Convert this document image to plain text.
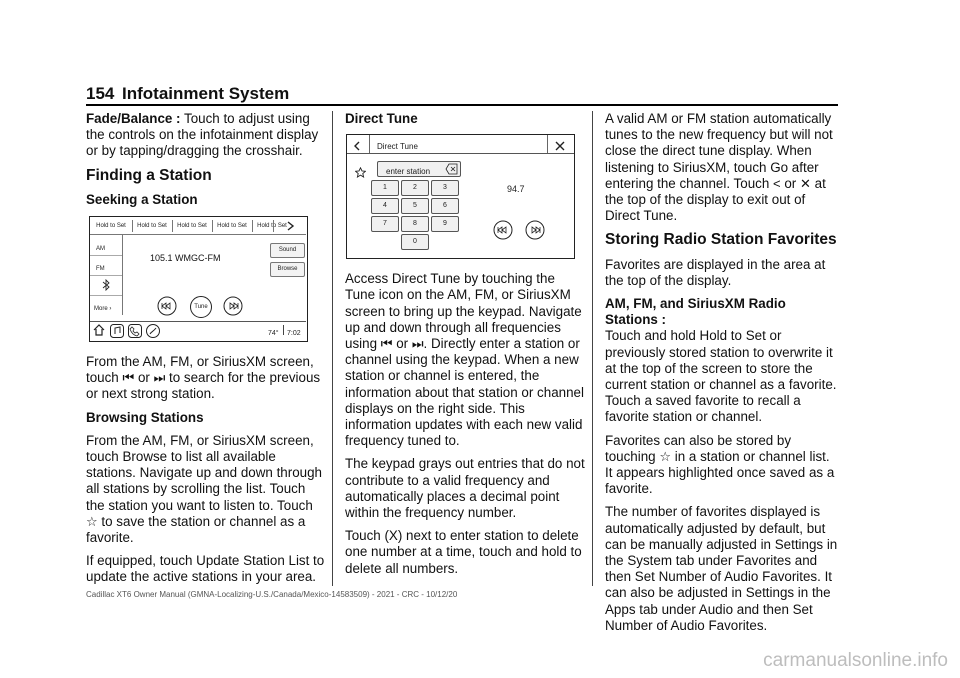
154 Infotainment System

Fade/Balance : Touch to adjust using the controls on the infotainment display or by tapping/dragging the crosshair.

Finding a Station
Seeking a Station
Hold to Set	Hold to Set	Hold to Set	Hold to Set	Hold to Set
AM
FM
More ›
105.1 WMGC-FM
Sound
Browse
Tune
74° 7:02

From the AM, FM, or SiriusXM screen, touch ⏮ or ⏭ to search for the previous or next strong station.

Browsing Stations

From the AM, FM, or SiriusXM screen, touch Browse to list all available stations. Navigate up and down through all stations by scrolling the list. Touch the station you want to listen to. Touch ☆ to save the station or channel as a favorite.

If equipped, touch Update Station List to update the active stations in your area.

Direct Tune

Direct Tune
enter station
1	2	3
4	5	6
7	8	9
0
94.7

Access Direct Tune by touching the Tune icon on the AM, FM, or SiriusXM screen to bring up the keypad. Navigate up and down through all frequencies using ⏮ or ⏭. Directly enter a station or channel using the keypad. When a new station or channel is entered, the information about that station or channel displays on the right side. This information updates with each new valid frequency tuned to.

The keypad grays out entries that do not contribute to a valid frequency and automatically places a decimal point within the frequency number.

Touch (X) next to enter station to delete one number at a time, touch and hold to delete all numbers.

A valid AM or FM station automatically tunes to the new frequency but will not close the direct tune display. When listening to SiriusXM, touch Go after entering the channel. Touch < or ✕ at the top of the display to exit out of Direct Tune.

Storing Radio Station Favorites

Favorites are displayed in the area at the top of the display.

AM, FM, and SiriusXM Radio Stations :

Touch and hold Hold to Set or previously stored station to overwrite it at the top of the screen to store the current station or channel as a favorite. Touch a saved favorite to recall a favorite station or channel.

Favorites can also be stored by touching ☆ in a station or channel list. It appears highlighted once saved as a favorite.

The number of favorites displayed is automatically adjusted by default, but can be manually adjusted in Settings in the System tab under Favorites and then Set Number of Audio Favorites. It can also be adjusted in Settings in the Apps tab under Audio and then Set Number of Audio Favorites.

Cadillac XT6 Owner Manual (GMNA-Localizing-U.S./Canada/Mexico-14583509) - 2021 - CRC - 10/12/20
carmanualsonline.info
